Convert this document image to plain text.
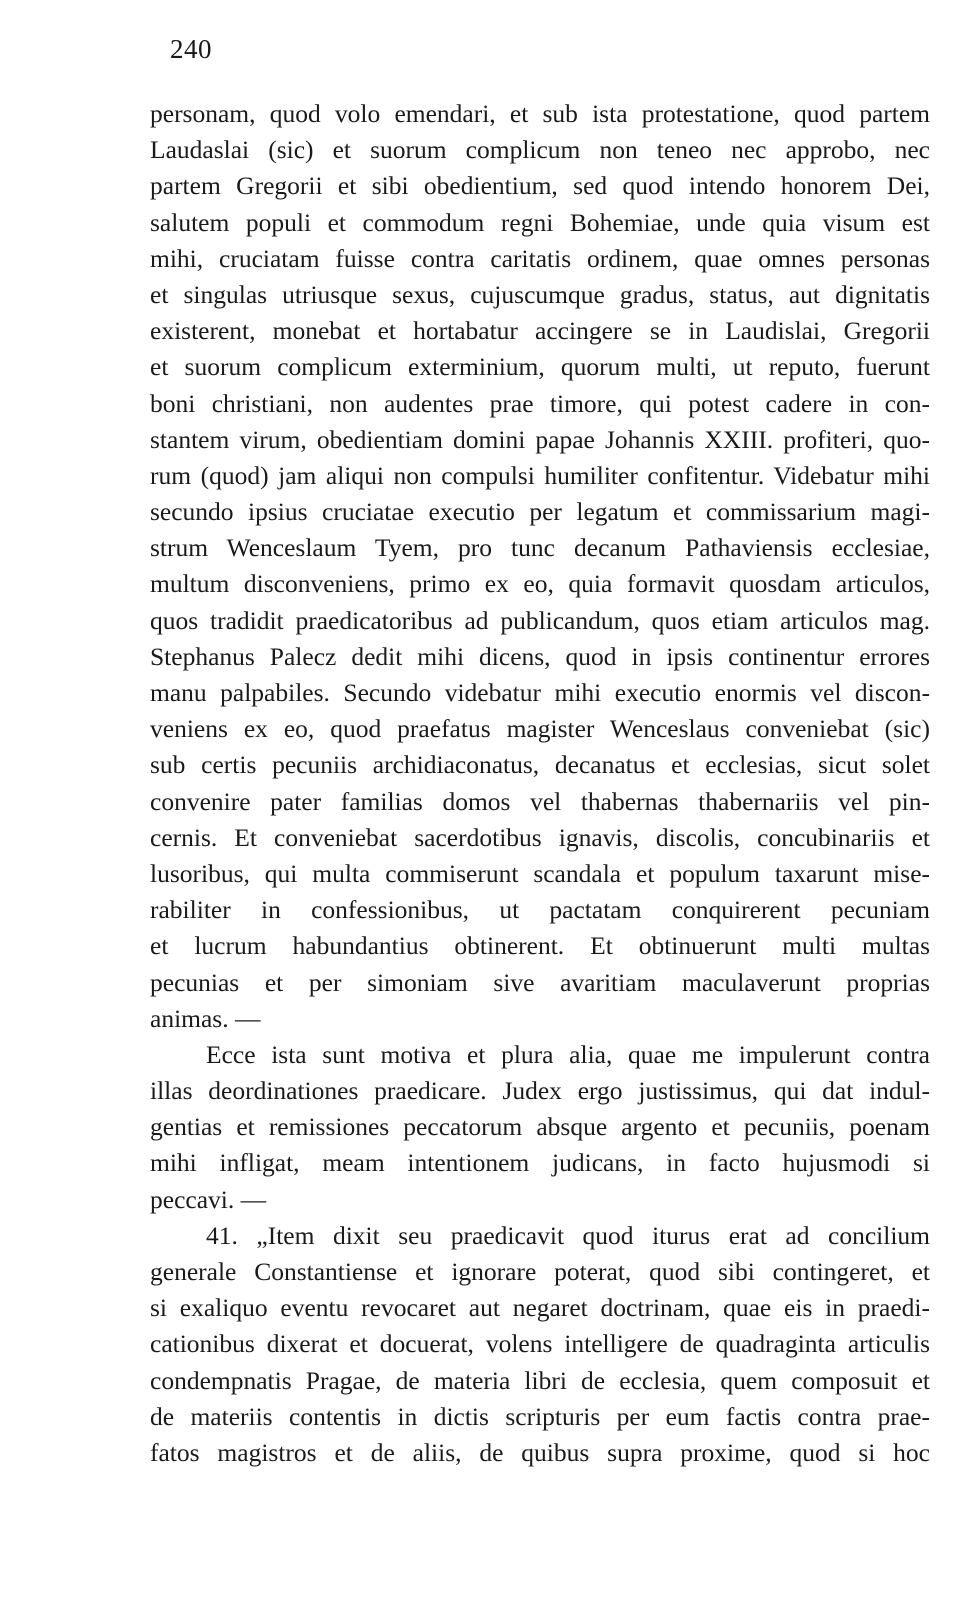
240
personam, quod volo emendari, et sub ista protestatione, quod partem
Laudaslai (sic) et suorum complicum non teneo nec approbo, nec
partem Gregorii et sibi obedientium, sed quod intendo honorem Dei,
salutem populi et commodum regni Bohemiae, unde quia visum est
mihi, cruciatam fuisse contra caritatis ordinem, quae omnes personas
et singulas utriusque sexus, cujuscumque gradus, status, aut dignitatis
existerent, monebat et hortabatur accingere se in Laudislai, Gregorii
et suorum complicum exterminium, quorum multi, ut reputo, fuerunt
boni christiani, non audentes prae timore, qui potest cadere in con-
stantem virum, obedientiam domini papae Johannis XXIII. profiteri, quo-
rum (quod) jam aliqui non compulsi humiliter confitentur. Videbatur mihi
secundo ipsius cruciatae executio per legatum et commissarium magi-
strum Wenceslaum Tyem, pro tunc decanum Pathaviensis ecclesiae,
multum disconveniens, primo ex eo, quia formavit quosdam articulos,
quos tradidit praedicatoribus ad publicandum, quos etiam articulos mag.
Stephanus Palecz dedit mihi dicens, quod in ipsis continentur errores
manu palpabiles. Secundo videbatur mihi executio enormis vel discon-
veniens ex eo, quod praefatus magister Wenceslaus conveniebat (sic)
sub certis pecuniis archidiaconatus, decanatus et ecclesias, sicut solet
convenire pater familias domos vel thabernas thabernariis vel pin-
cernis. Et conveniebat sacerdotibus ignavis, discolis, concubinariis et
lusoribus, qui multa commiserunt scandala et populum taxarunt mise-
rabiliter in confessionibus, ut pactatam conquirerent pecuniam
et lucrum habundantius obtinerent. Et obtinuerunt multi multas
pecunias et per simoniam sive avaritiam maculaverunt proprias
animas. —
Ecce ista sunt motiva et plura alia, quae me impulerunt contra
illas deordinationes praedicare. Judex ergo justissimus, qui dat indul-
gentias et remissiones peccatorum absque argento et pecuniis, poenam
mihi infligat, meam intentionem judicans, in facto hujusmodi si
peccavi. —
41. „Item dixit seu praedicavit quod iturus erat ad concilium
generale Constantiense et ignorare poterat, quod sibi contingeret, et
si exaliquo eventu revocaret aut negaret doctrinam, quae eis in praedi-
cationibus dixerat et docuerat, volens intelligere de quadraginta articulis
condempnatis Pragae, de materia libri de ecclesia, quem composuit et
de materiis contentis in dictis scripturis per eum factis contra prae-
fatos magistros et de aliis, de quibus supra proxime, quod si hoc
